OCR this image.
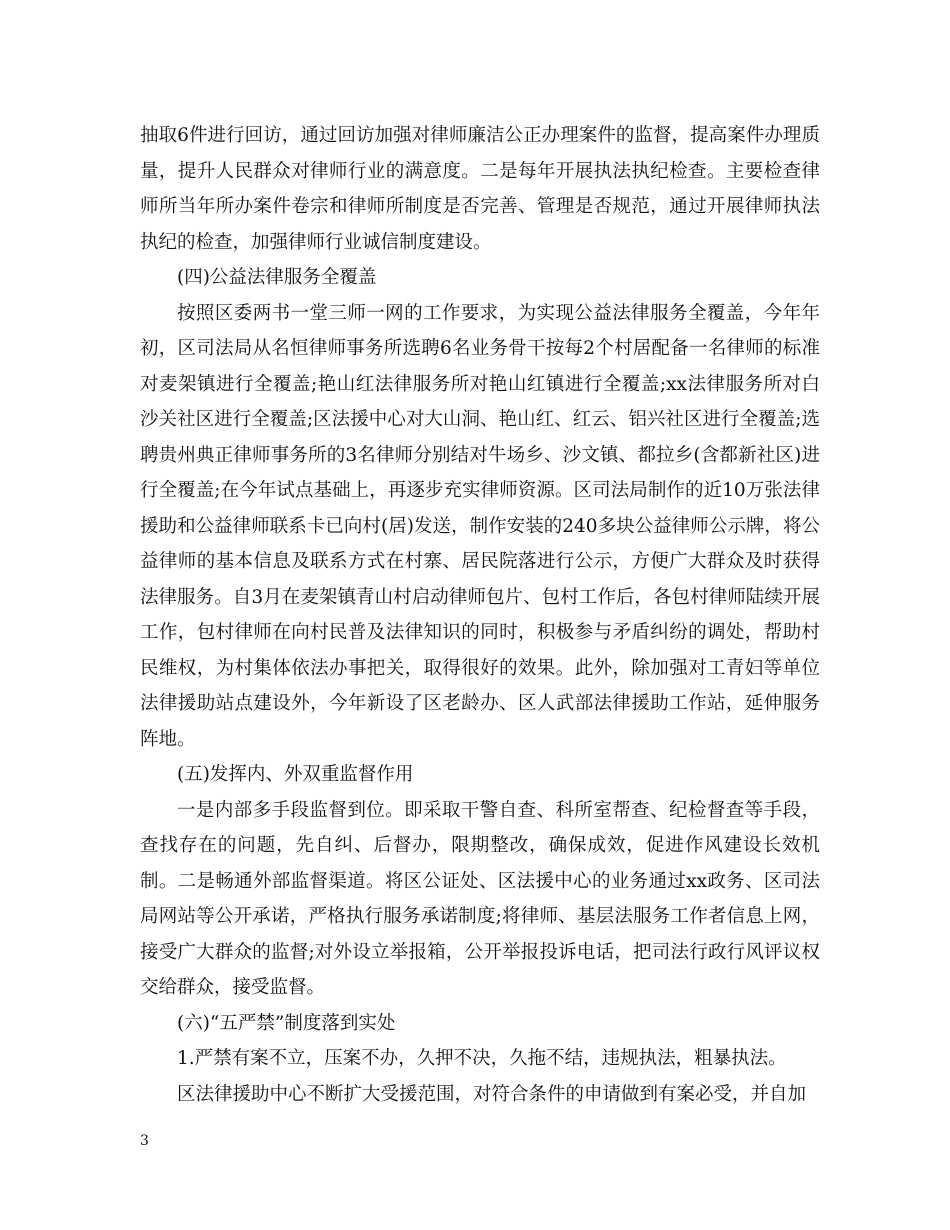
抽取6件进行回访，通过回访加强对律师廉洁公正办理案件的监督，提高案件办理质量，提升人民群众对律师行业的满意度。二是每年开展执法执纪检查。主要检查律师所当年所办案件卷宗和律师所制度是否完善、管理是否规范，通过开展律师执法执纪的检查，加强律师行业诚信制度建设。

(四)公益法律服务全覆盖

按照区委两书一堂三师一网的工作要求，为实现公益法律服务全覆盖，今年年初，区司法局从名恒律师事务所选聘6名业务骨干按每2个村居配备一名律师的标准对麦架镇进行全覆盖;艳山红法律服务所对艳山红镇进行全覆盖;xx法律服务所对白沙关社区进行全覆盖;区法援中心对大山洞、艳山红、红云、铝兴社区进行全覆盖;选聘贵州典正律师事务所的3名律师分别结对牛场乡、沙文镇、都拉乡(含都新社区)进行全覆盖;在今年试点基础上，再逐步充实律师资源。区司法局制作的近10万张法律援助和公益律师联系卡已向村(居)发送，制作安装的240多块公益律师公示牌，将公益律师的基本信息及联系方式在村寨、居民院落进行公示，方便广大群众及时获得法律服务。自3月在麦架镇青山村启动律师包片、包村工作后，各包村律师陆续开展工作，包村律师在向村民普及法律知识的同时，积极参与矛盾纠纷的调处，帮助村民维权，为村集体依法办事把关，取得很好的效果。此外，除加强对工青妇等单位法律援助站点建设外，今年新设了区老龄办、区人武部法律援助工作站，延伸服务阵地。

(五)发挥内、外双重监督作用

一是内部多手段监督到位。即采取干警自查、科所室帮查、纪检督查等手段，查找存在的问题，先自纠、后督办，限期整改，确保成效，促进作风建设长效机制。二是畅通外部监督渠道。将区公证处、区法援中心的业务通过xx政务、区司法局网站等公开承诺，严格执行服务承诺制度;将律师、基层法服务工作者信息上网，接受广大群众的监督;对外设立举报箱，公开举报投诉电话，把司法行政行风评议权交给群众，接受监督。

(六)“五严禁”制度落到实处

1.严禁有案不立，压案不办，久押不决，久拖不结，违规执法，粗暴执法。

区法律援助中心不断扩大受援范围，对符合条件的申请做到有案必受，并自加

3
